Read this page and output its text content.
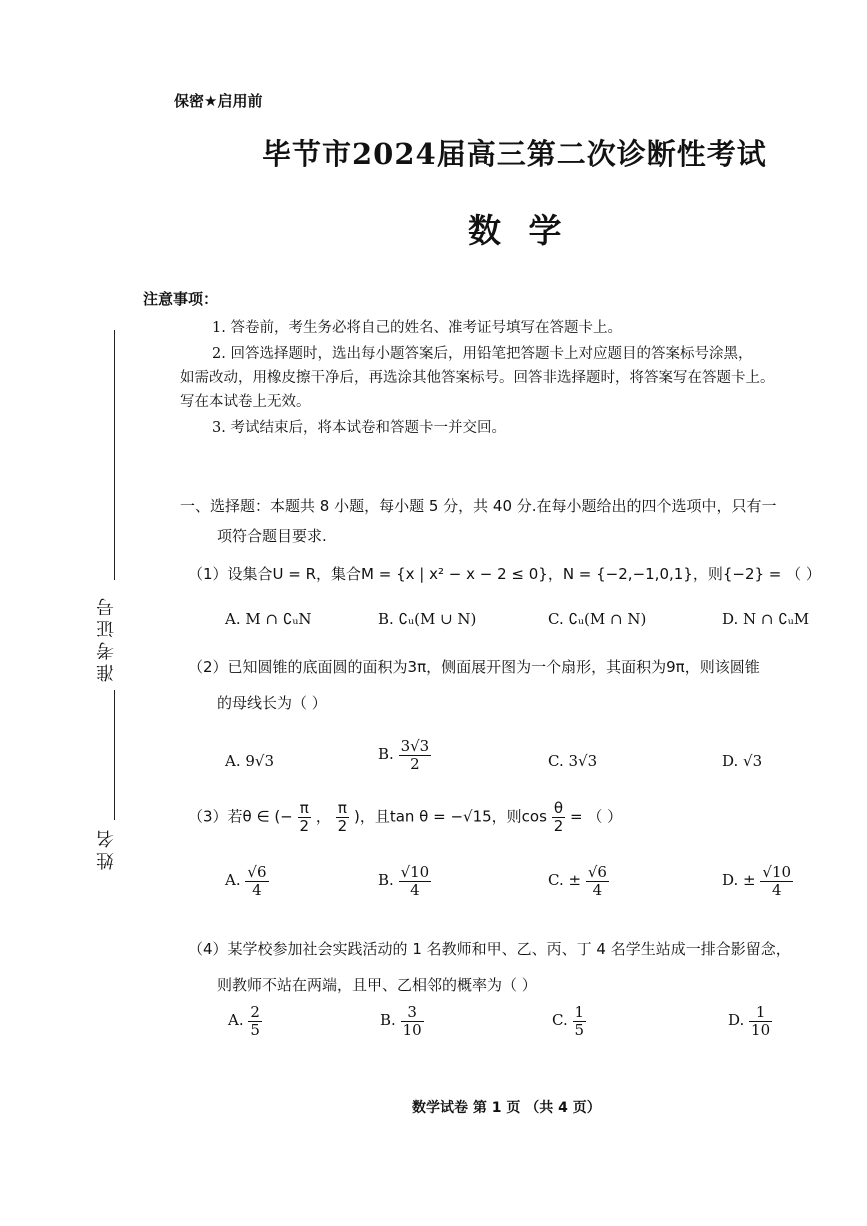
保密★启用前
毕节市2024届高三第二次诊断性考试
数 学
准考证号
姓名
注意事项：
1. 答卷前，考生务必将自己的姓名、准考证号填写在答题卡上。
2. 回答选择题时，选出每小题答案后，用铅笔把答题卡上对应题目的答案标号涂黑，
如需改动，用橡皮擦干净后，再选涂其他答案标号。回答非选择题时，将答案写在答题卡上。
写在本试卷上无效。
3. 考试结束后，将本试卷和答题卡一并交回。
一、选择题：本题共 8 小题，每小题 5 分，共 40 分.在每小题给出的四个选项中，只有一
项符合题目要求.
（1）设集合U = R，集合M = {x | x² − x − 2 ≤ 0}，N = {−2,−1,0,1}，则{−2} = （ ）
A. M ∩ ∁ᵤN	B. ∁ᵤ(M ∪ N)	C. ∁ᵤ(M ∩ N)	D. N ∩ ∁ᵤM
（2）已知圆锥的底面圆的面积为3π，侧面展开图为一个扇形，其面积为9π，则该圆锥
的母线长为（ ）
A. 9√3	B. $\frac{3√3}{2}$	C. 3√3	D. √3
（3）若θ ∈ (− $\frac{\pi}{2}$ ， $\frac{\pi}{2}$ )，且tan θ = −√15，则$\cos \frac{\theta}{2}$ = （ ）
A. $\frac{√6}{4}$	B. $\frac{√10}{4}$	C. ± $\frac{√6}{4}$	D. ± $\frac{√10}{4}$
（4）某学校参加社会实践活动的 1 名教师和甲、乙、丙、丁 4 名学生站成一排合影留念，
则教师不站在两端，且甲、乙相邻的概率为（ ）
A. $\frac{2}{5}$	B. $\frac{3}{10}$	C. $\frac{1}{5}$	D. $\frac{1}{10}$
数学试卷 第 1 页 （共 4 页）
